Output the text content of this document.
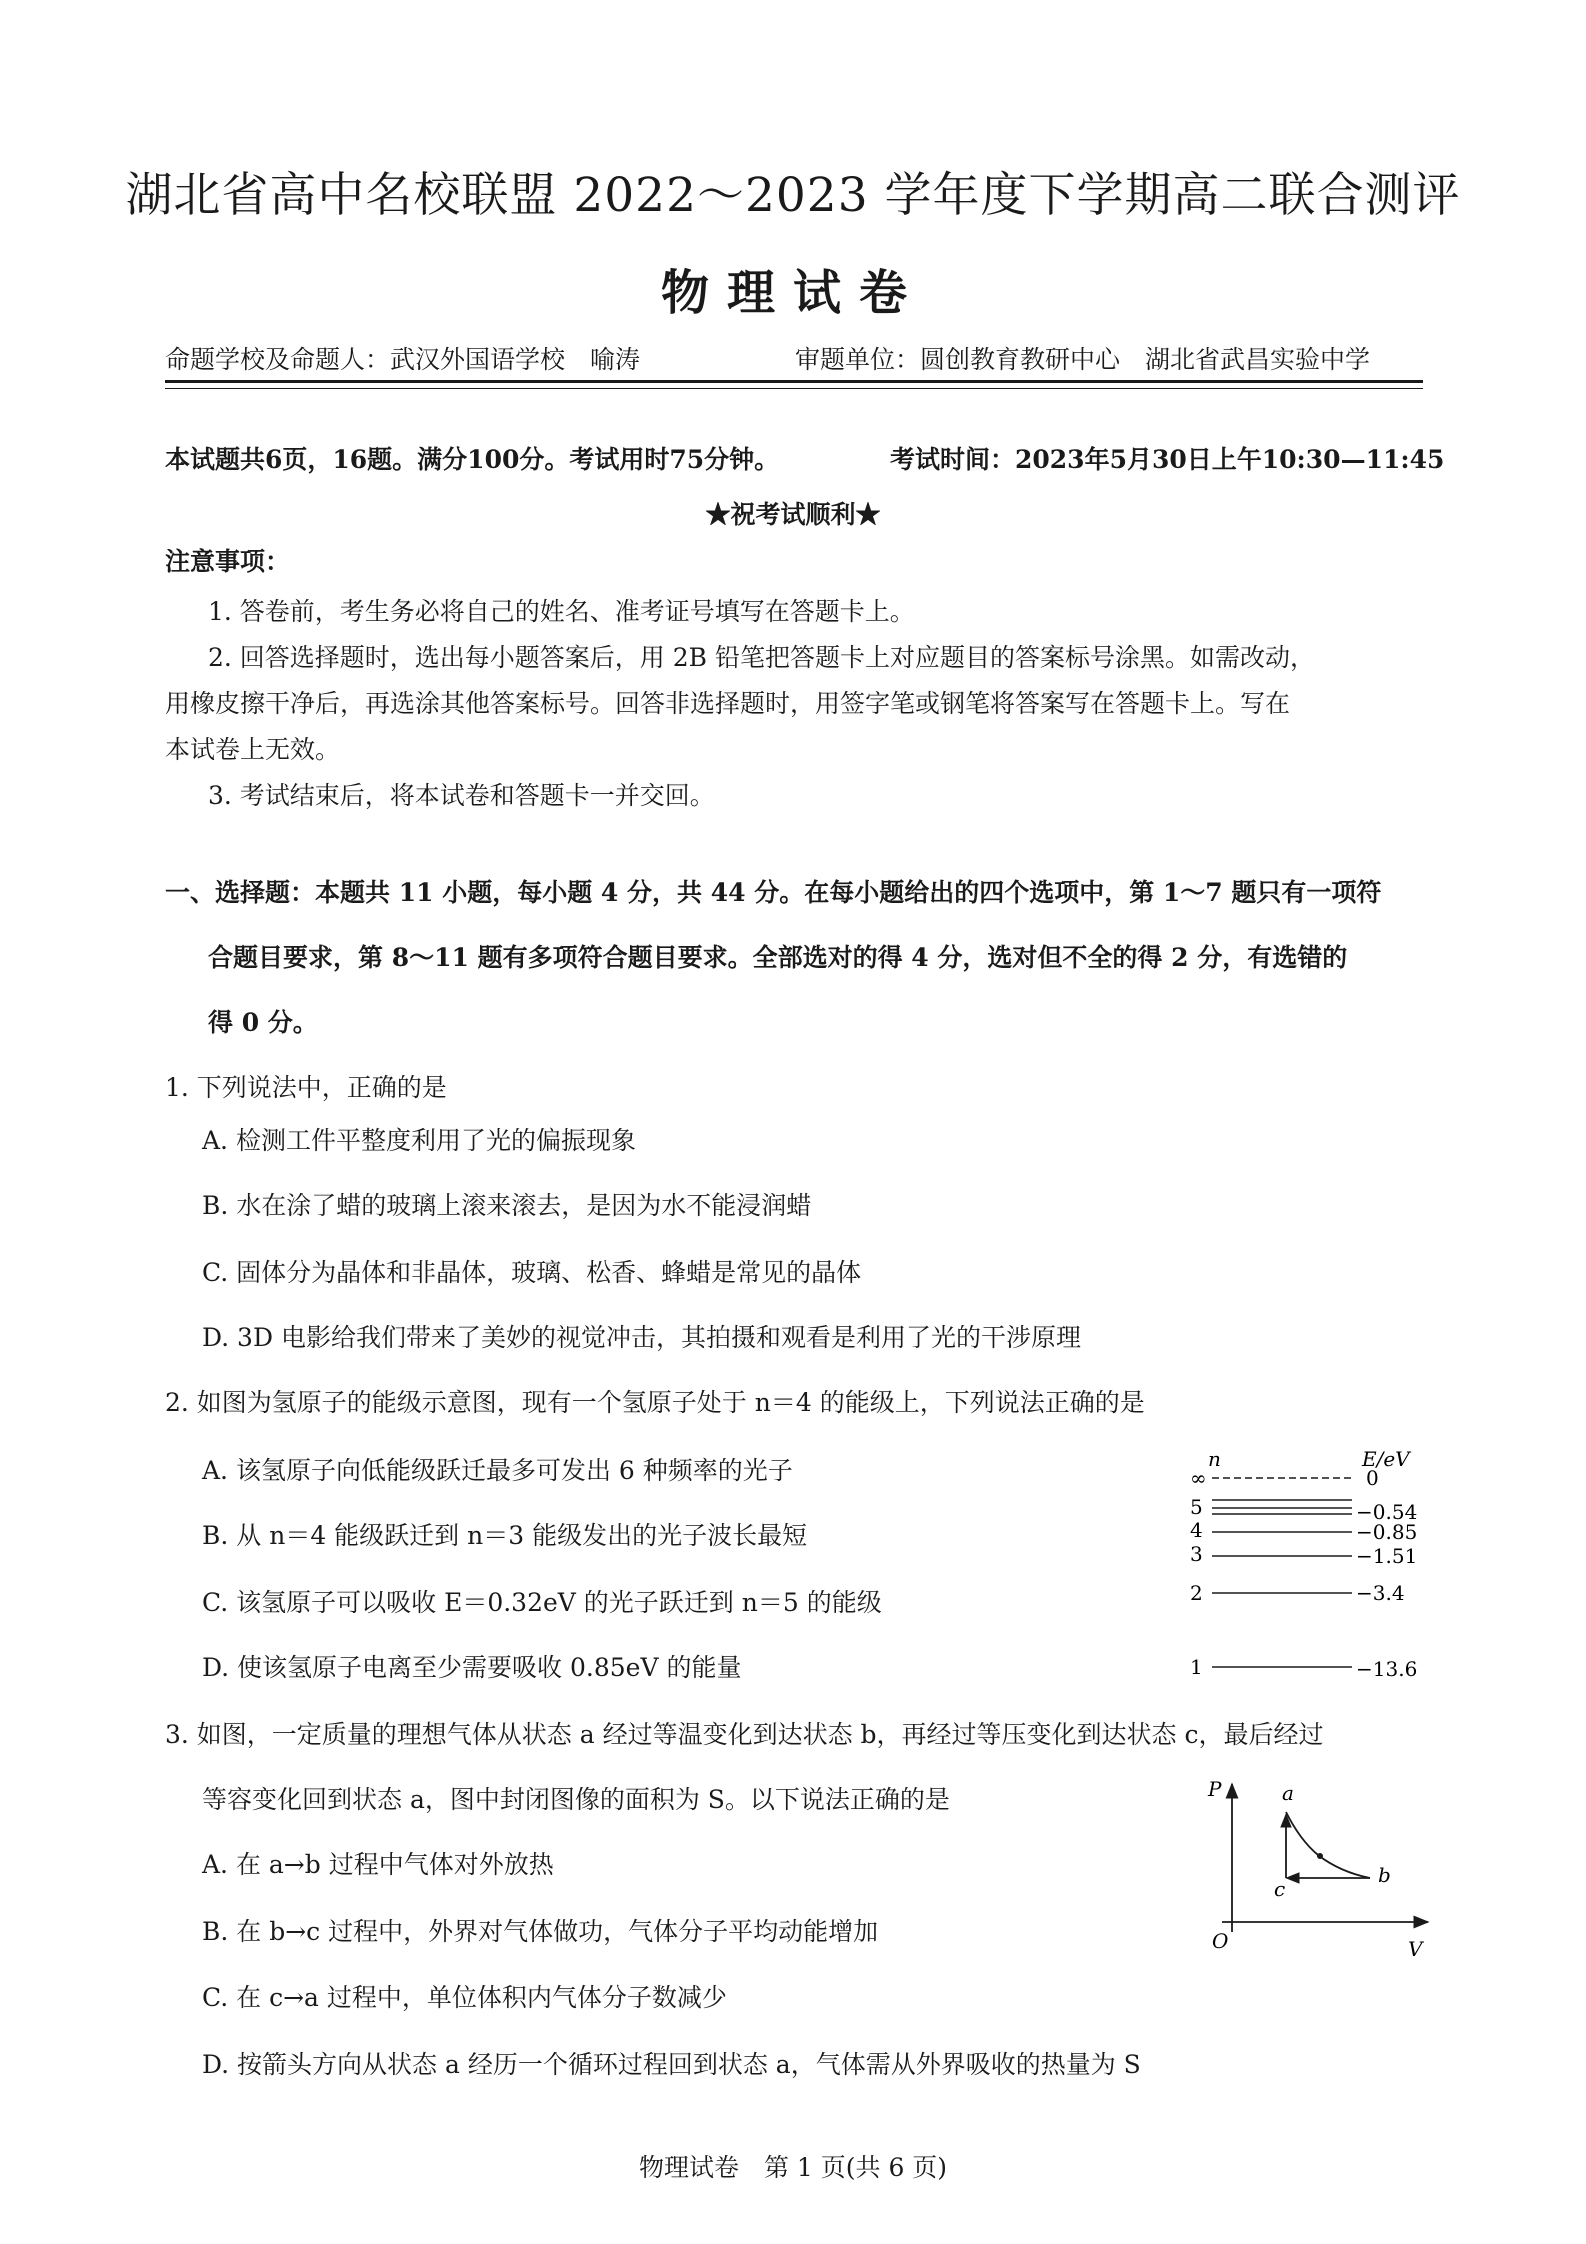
湖北省高中名校联盟 2022～2023 学年度下学期高二联合测评
物理试卷
命题学校及命题人：武汉外国语学校　喻涛	审题单位：圆创教育教研中心　湖北省武昌实验中学
本试题共6页，16题。满分100分。考试用时75分钟。	考试时间：2023年5月30日上午10:30—11:45
★祝考试顺利★
注意事项：
1. 答卷前，考生务必将自己的姓名、准考证号填写在答题卡上。
2. 回答选择题时，选出每小题答案后，用 2B 铅笔把答题卡上对应题目的答案标号涂黑。如需改动，
用橡皮擦干净后，再选涂其他答案标号。回答非选择题时，用签字笔或钢笔将答案写在答题卡上。写在
本试卷上无效。
3. 考试结束后，将本试卷和答题卡一并交回。
一、选择题：本题共 11 小题，每小题 4 分，共 44 分。在每小题给出的四个选项中，第 1～7 题只有一项符
合题目要求，第 8～11 题有多项符合题目要求。全部选对的得 4 分，选对但不全的得 2 分，有选错的
得 0 分。
1. 下列说法中，正确的是
A. 检测工件平整度利用了光的偏振现象
B. 水在涂了蜡的玻璃上滚来滚去，是因为水不能浸润蜡
C. 固体分为晶体和非晶体，玻璃、松香、蜂蜡是常见的晶体
D. 3D 电影给我们带来了美妙的视觉冲击，其拍摄和观看是利用了光的干涉原理
2. 如图为氢原子的能级示意图，现有一个氢原子处于 n＝4 的能级上，下列说法正确的是
A. 该氢原子向低能级跃迁最多可发出 6 种频率的光子
B. 从 n＝4 能级跃迁到 n＝3 能级发出的光子波长最短
C. 该氢原子可以吸收 E＝0.32eV 的光子跃迁到 n＝5 的能级
D. 使该氢原子电离至少需要吸收 0.85eV 的能量
n	E/eV
∞	0
5	−0.54
4	−0.85
3	−1.51
2	−3.4
1	−13.6
3. 如图，一定质量的理想气体从状态 a 经过等温变化到达状态 b，再经过等压变化到达状态 c，最后经过
等容变化回到状态 a，图中封闭图像的面积为 S。以下说法正确的是
A. 在 a→b 过程中气体对外放热
B. 在 b→c 过程中，外界对气体做功，气体分子平均动能增加
C. 在 c→a 过程中，单位体积内气体分子数减少
D. 按箭头方向从状态 a 经历一个循环过程回到状态 a，气体需从外界吸收的热量为 S
P
V
O
a
b
c
物理试卷　第 1 页(共 6 页)
